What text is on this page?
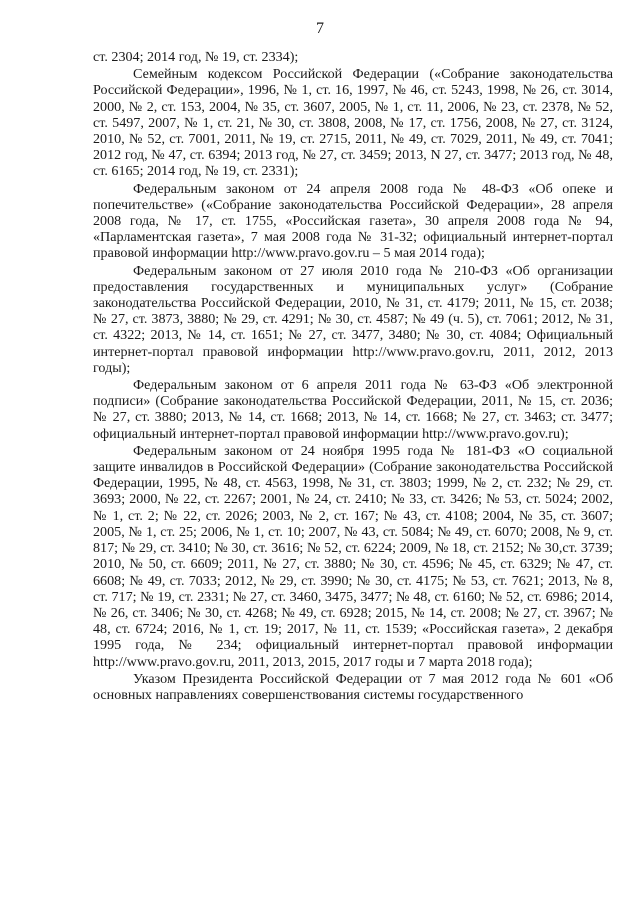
7

ст. 2304; 2014 год, № 19, ст. 2334);

Семейным кодексом Российской Федерации («Собрание законодательства Российской Федерации», 1996, № 1, ст. 16, 1997, № 46, ст. 5243, 1998, № 26, ст. 3014, 2000, № 2, ст. 153, 2004, № 35, ст. 3607, 2005, № 1, ст. 11, 2006, № 23, ст. 2378, № 52, ст. 5497, 2007, № 1, ст. 21, № 30, ст. 3808, 2008, № 17, ст. 1756, 2008, № 27, ст. 3124, 2010, № 52, ст. 7001, 2011, № 19, ст. 2715, 2011, № 49, ст. 7029, 2011, № 49, ст. 7041; 2012 год, № 47, ст. 6394; 2013 год, № 27, ст. 3459; 2013, N 27, ст. 3477; 2013 год, № 48, ст. 6165; 2014 год, № 19, ст. 2331);

Федеральным законом от 24 апреля 2008 года № 48-ФЗ «Об опеке и попечительстве» («Собрание законодательства Российской Федерации», 28 апреля 2008 года, № 17, ст. 1755, «Российская газета», 30 апреля 2008 года № 94, «Парламентская газета», 7 мая 2008 года № 31-32; официальный интернет-портал правовой информации http://www.pravo.gov.ru – 5 мая 2014 года);

Федеральным законом от 27 июля 2010 года № 210-ФЗ «Об организации предоставления государственных и муниципальных услуг» (Собрание законодательства Российской Федерации, 2010, № 31, ст. 4179; 2011, № 15, ст. 2038; № 27, ст. 3873, 3880; № 29, ст. 4291; № 30, ст. 4587; № 49 (ч. 5), ст. 7061; 2012, № 31, ст. 4322; 2013, № 14, ст. 1651; № 27, ст. 3477, 3480; № 30, ст. 4084; Официальный интернет-портал правовой информации http://www.pravo.gov.ru, 2011, 2012, 2013 годы);

Федеральным законом от 6 апреля 2011 года № 63-ФЗ «Об электронной подписи» (Собрание законодательства Российской Федерации, 2011, № 15, ст. 2036; № 27, ст. 3880; 2013, № 14, ст. 1668; 2013, № 14, ст. 1668; № 27, ст. 3463; ст. 3477; официальный интернет-портал правовой информации http://www.pravo.gov.ru);

Федеральным законом от 24 ноября 1995 года № 181-ФЗ «О социальной защите инвалидов в Российской Федерации» (Собрание законодательства Российской Федерации, 1995, № 48, ст. 4563, 1998, № 31, ст. 3803; 1999, № 2, ст. 232; № 29, ст. 3693; 2000, № 22, ст. 2267; 2001, № 24, ст. 2410; № 33, ст. 3426; № 53, ст. 5024; 2002, № 1, ст. 2; № 22, ст. 2026; 2003, № 2, ст. 167; № 43, ст. 4108; 2004, № 35, ст. 3607; 2005, № 1, ст. 25; 2006, № 1, ст. 10; 2007, № 43, ст. 5084; № 49, ст. 6070; 2008, № 9, ст. 817; № 29, ст. 3410; № 30, ст. 3616; № 52, ст. 6224; 2009, № 18, ст. 2152; № 30,ст. 3739; 2010, № 50, ст. 6609; 2011, № 27, ст. 3880; № 30, ст. 4596; № 45, ст. 6329; № 47, ст. 6608; № 49, ст. 7033; 2012, № 29, ст. 3990; № 30, ст. 4175; № 53, ст. 7621; 2013, № 8, ст. 717; № 19, ст. 2331; № 27, ст. 3460, 3475, 3477; № 48, ст. 6160; № 52, ст. 6986; 2014, № 26, ст. 3406; № 30, ст. 4268; № 49, ст. 6928; 2015, № 14, ст. 2008; № 27, ст. 3967; № 48, ст. 6724; 2016, № 1, ст. 19; 2017, № 11, ст. 1539; «Российская газета», 2 декабря 1995 года, № 234; официальный интернет-портал правовой информации http://www.pravo.gov.ru, 2011, 2013, 2015, 2017 годы и 7 марта 2018 года);

Указом Президента Российской Федерации от 7 мая 2012 года № 601 «Об основных направлениях совершенствования системы государственного
